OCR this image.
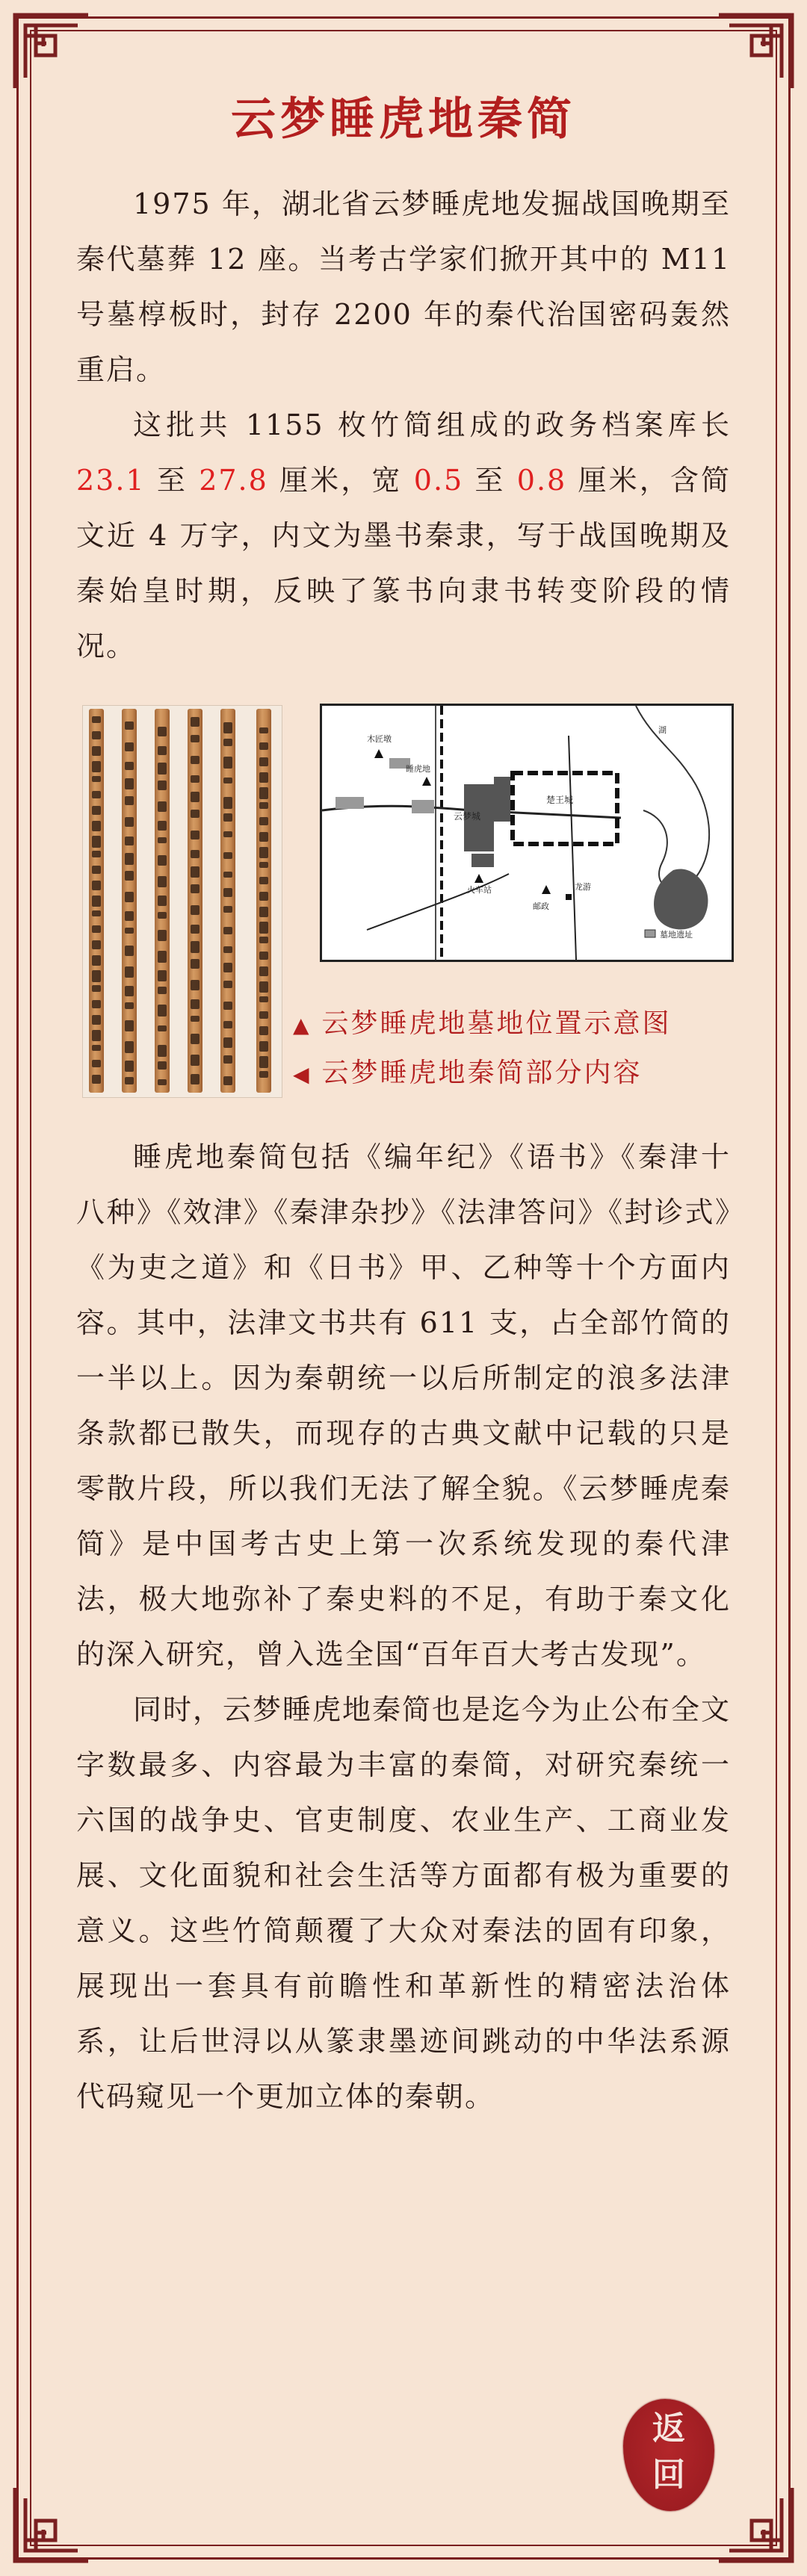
云梦睡虎地秦简

1975 年，湖北省云梦睡虎地发掘战国晚期至秦代墓葬 12 座。当考古学家们掀开其中的 M11 号墓椁板时，封存 2200 年的秦代治国密码轰然重启。

这批共 1155 枚竹简组成的政务档案库长 23.1 至 27.8 厘米，宽 0.5 至 0.8 厘米，含简文近 4 万字，内文为墨书秦隶，写于战国晚期及秦始皇时期，反映了篆书向隶书转变阶段的情况。

木匠墩
睡虎地
云梦城
楚王城
火车站	龙游
邮政
湖
墓地遗址
▲ 云梦睡虎地墓地位置示意图
◀ 云梦睡虎地秦简部分内容

睡虎地秦简包括《编年纪》《语书》《秦津十八种》《效津》《秦津杂抄》《法津答问》《封诊式》《为吏之道》和《日书》甲、乙种等十个方面内容。其中，法津文书共有 611 支，占全部竹简的一半以上。因为秦朝统一以后所制定的浪多法津条款都已散失，而现存的古典文献中记载的只是零散片段，所以我们无法了解全貌。《云梦睡虎秦简》是中国考古史上第一次系统发现的秦代津法，极大地弥补了秦史料的不足，有助于秦文化的深入研究，曾入选全国“百年百大考古发现”。

同时，云梦睡虎地秦简也是迄今为止公布全文字数最多、内容最为丰富的秦简，对研究秦统一六国的战争史、官吏制度、农业生产、工商业发展、文化面貌和社会生活等方面都有极为重要的意义。这些竹简颠覆了大众对秦法的固有印象，展现出一套具有前瞻性和革新性的精密法治体系，让后世浔以从篆隶墨迹间跳动的中华法系源代码窥见一个更加立体的秦朝。

返
回
